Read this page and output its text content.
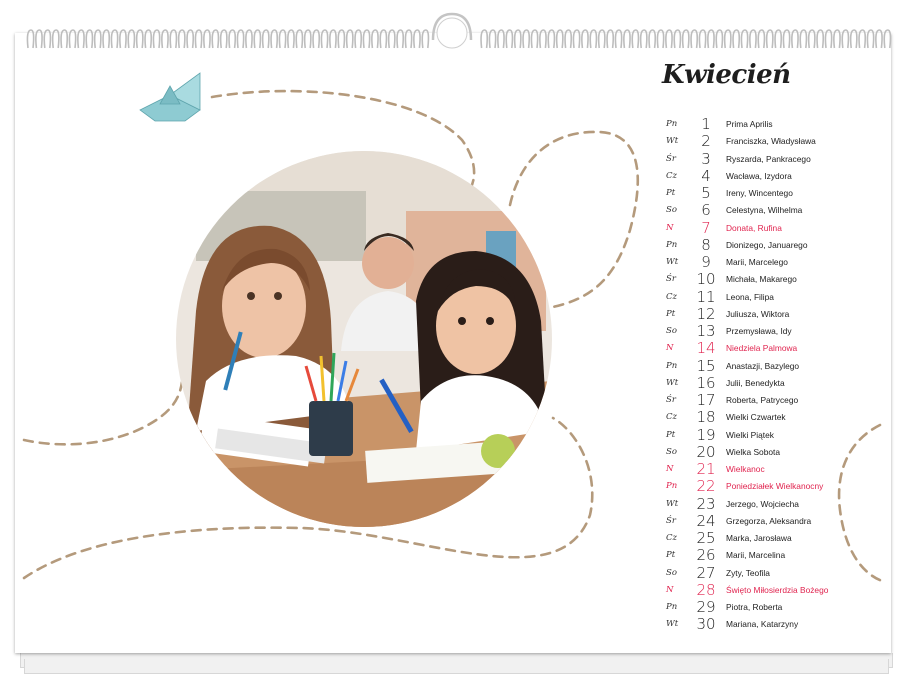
Kwiecień
Pn	1	Prima Aprilis
Wt	2	Franciszka, Władysława
Śr	3	Ryszarda, Pankracego
Cz	4	Wacława, Izydora
Pt	5	Ireny, Wincentego
So	6	Celestyna, Wilhelma
N	7	Donata, Rufina
Pn	8	Dionizego, Januarego
Wt	9	Marii, Marcelego
Śr	10	Michała, Makarego
Cz	11	Leona, Filipa
Pt	12	Juliusza, Wiktora
So	13	Przemysława, Idy
N	14	Niedziela Palmowa
Pn	15	Anastazji, Bazylego
Wt	16	Julii, Benedykta
Śr	17	Roberta, Patrycego
Cz	18	Wielki Czwartek
Pt	19	Wielki Piątek
So	20	Wielka Sobota
N	21	Wielkanoc
Pn	22	Poniedziałek Wielkanocny
Wt	23	Jerzego, Wojciecha
Śr	24	Grzegorza, Aleksandra
Cz	25	Marka, Jarosława
Pt	26	Marii, Marcelina
So	27	Zyty, Teofila
N	28	Święto Miłosierdzia Bożego
Pn	29	Piotra, Roberta
Wt	30	Mariana, Katarzyny
